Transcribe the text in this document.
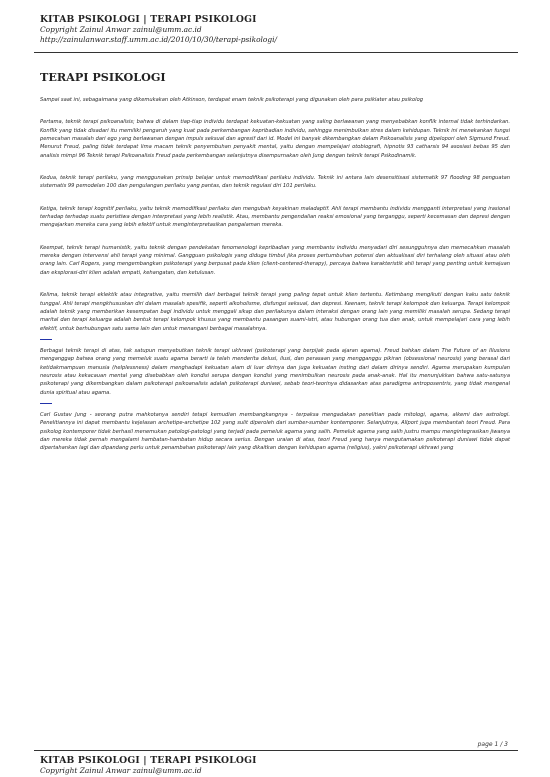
KITAB PSIKOLOGI | TERAPI PSIKOLOGI
Copyright Zainul Anwar zainul@umm.ac.id
http://zainulanwar.staff.umm.ac.id/2010/10/30/terapi-psikologi/
TERAPI PSIKOLOGI

Sampai saat ini, sebagaimana yang dikemukakan oleh Atkinson, terdapat enam teknik psikoterapi yang digunakan oleh para psikiater atau psikolog

Pertama, teknik terapi psikoanalisis; bahwa di dalam tiap-tiap individu terdapat kekuatan-kekuatan yang saling berlawanan yang menyebabkan konflik internal tidak terhindarkan. Konflik yang tidak disadari itu memiliki pengaruh yang kuat pada perkembangan kepribadian individu, sehingga menimbulkan stres dalam kehidupan. Teknik ini menekankan fungsi pemecahan masalah dari ego yang berlawanan dengan impuls seksual dan agresif dari id. Model ini banyak dikembangkan dalam Psikoanalisis yang dipelopori oleh Sigmund Freud. Menurut Freud, paling tidak terdapat lima macam teknik penyembuhan penyakit mental, yaitu dengan mempelajari otobiografi, hipnotis 93 catharsis 94 asosiasi bebas 95 dan analisis mimpi 96 Teknik terapi Psikoanalisis Freud pada perkembangan selanjutnya disempurnakan oleh Jung dengan teknik terapi Psikodinamik.

Kedua, teknik terapi perilaku, yang menggunakan prinsip belajar untuk memodifikasi perilaku individu. Teknik ini antara lain desensitisasi sistematik 97 flooding 98 penguatan sistematis 99 pemodelan 100 dan pengulangan perilaku yang pantas, dan teknik regulasi diri 101 perilaku.

Ketiga, teknik terapi kognitif perilaku, yaitu teknik memodifikasi perilaku dan mengubah keyakinan maladaptif. Ahli terapi membantu individu mengganti interpretasi yang irasional terhadap terhadap suatu peristiwa dengan interpretasi yang lebih realistik. Atau, membantu pengendalian reaksi emosional yang terganggu, seperti kecemasan dan depresi dengan mengajarkan mereka cara yang lebih efektif untuk menginterpretasikan pengalaman mereka.

Keempat, teknik terapi humanistik, yaitu teknik dengan pendekatan fenomenologi kepribadian yang membantu individu menyadari diri sesungguhnya dan memecahkan masalah mereka dengan intervensi ahli terapi yang minimal. Gangguan psikologis yang diduga timbul jika proses pertumbuhan potensi dan aktualisasi diri terhalang oleh situasi atau oleh orang lain. Carl Rogers, yang mengembangkan psikoterapi yang berpusat pada klien (client-centered-therapy), percaya bahwa karakteristik ahli terapi yang penting untuk kemajuan dan eksplorasi-diri klien adalah empati, kehangatan, dan ketulusan.

Kelima, teknik terapi eklektik atau integrative, yaitu memilih dari berbagai teknik terapi yang paling tepat untuk klien tertentu. Ketimbang mengikuti dengan kaku satu teknik tunggal. Ahli terapi mengkhususkan diri dalam masalah spesifik, seperti alkoholisme, disfungsi seksual, dan depresi. Keenam, teknik terapi kelompok dan keluarga. Terapi kelompok adalah teknik yang memberikan kesempatan bagi individu untuk menggali sikap dan perilakunya dalam interaksi dengan orang lain yang memiliki masalah serupa. Sedang terapi marital dan terapi keluarga adalah bentuk terapi kelompok khusus yang membantu pasangan suami-istri, atau hubungan orang tua dan anak, untuk mempelajari cara yang lebih efektif, untuk berhubungan satu sama lain dan untuk menangani berbagai masalahnya.

Berbagai teknik terapi di atas, tak satupun menyebutkan teknik terapi ukhrawi (psikoterapi yang berpijak pada ajaran agama). Freud bahkan dalam The Future of an Illusions menganggap bahwa orang yang memeluk suatu agama berarti ia telah menderita delusi, ilusi, dan perasaan yang mengganggu pikiran (obsessional neurosis) yang berasal dari ketidakmampuan manusia (helplessness) dalam menghadapi kekuatan alam di luar dirinya dan juga kekuatan insting dari dalam dirinya sendiri. Agama merupakan kumpulan neurosis atau kekacauan mental yang disebabkan oleh kondisi serupa dengan kondisi yang menimbulkan neurosis pada anak-anak. Hal itu menunjukkan bahwa satu-satunya psikoterapi yang dikembangkan dalam psikoterapi psikoanalisis adalah psikoterapi duniawi, sebab teori-teorinya didasarkan atas paradigma antroposentris, yang tidak mengenal dunia spiritual atau agama.

Carl Gustav Jung - seorang putra mahkotanya sendiri tetapi kemudian membangkangnya - terpaksa mengadakan penelitian pada mitologi, agama, alkemi dan astrologi. Penelitiannya ini dapat membantu kejelasan archetipe-archetipe 102 yang sulit diperoleh dari sumber-sumber kontemporer. Selanjutnya, Allport juga membantah teori Freud. Para psikolog kontemporer tidak berhasil menemukan patologi-patologi yang terjadi pada pemeluk agama yang salih. Pemeluk agama yang salih justru mampu mengintegrasikan jiwanya dan mereka tidak pernah mengalami hambatan-hambatan hidup secara serius. Dengan uraian di atas, teori Freud yang hanya mengutamakan psikoterapi duniawi tidak dapat dipertahankan lagi dan dipandang perlu untuk penambahan psikoterapi lain yang dikaitkan dengan kehidupan agama (religius), yakni psikoterapi ukhrawi yang

page 1 / 3
KITAB PSIKOLOGI | TERAPI PSIKOLOGI
Copyright Zainul Anwar zainul@umm.ac.id
